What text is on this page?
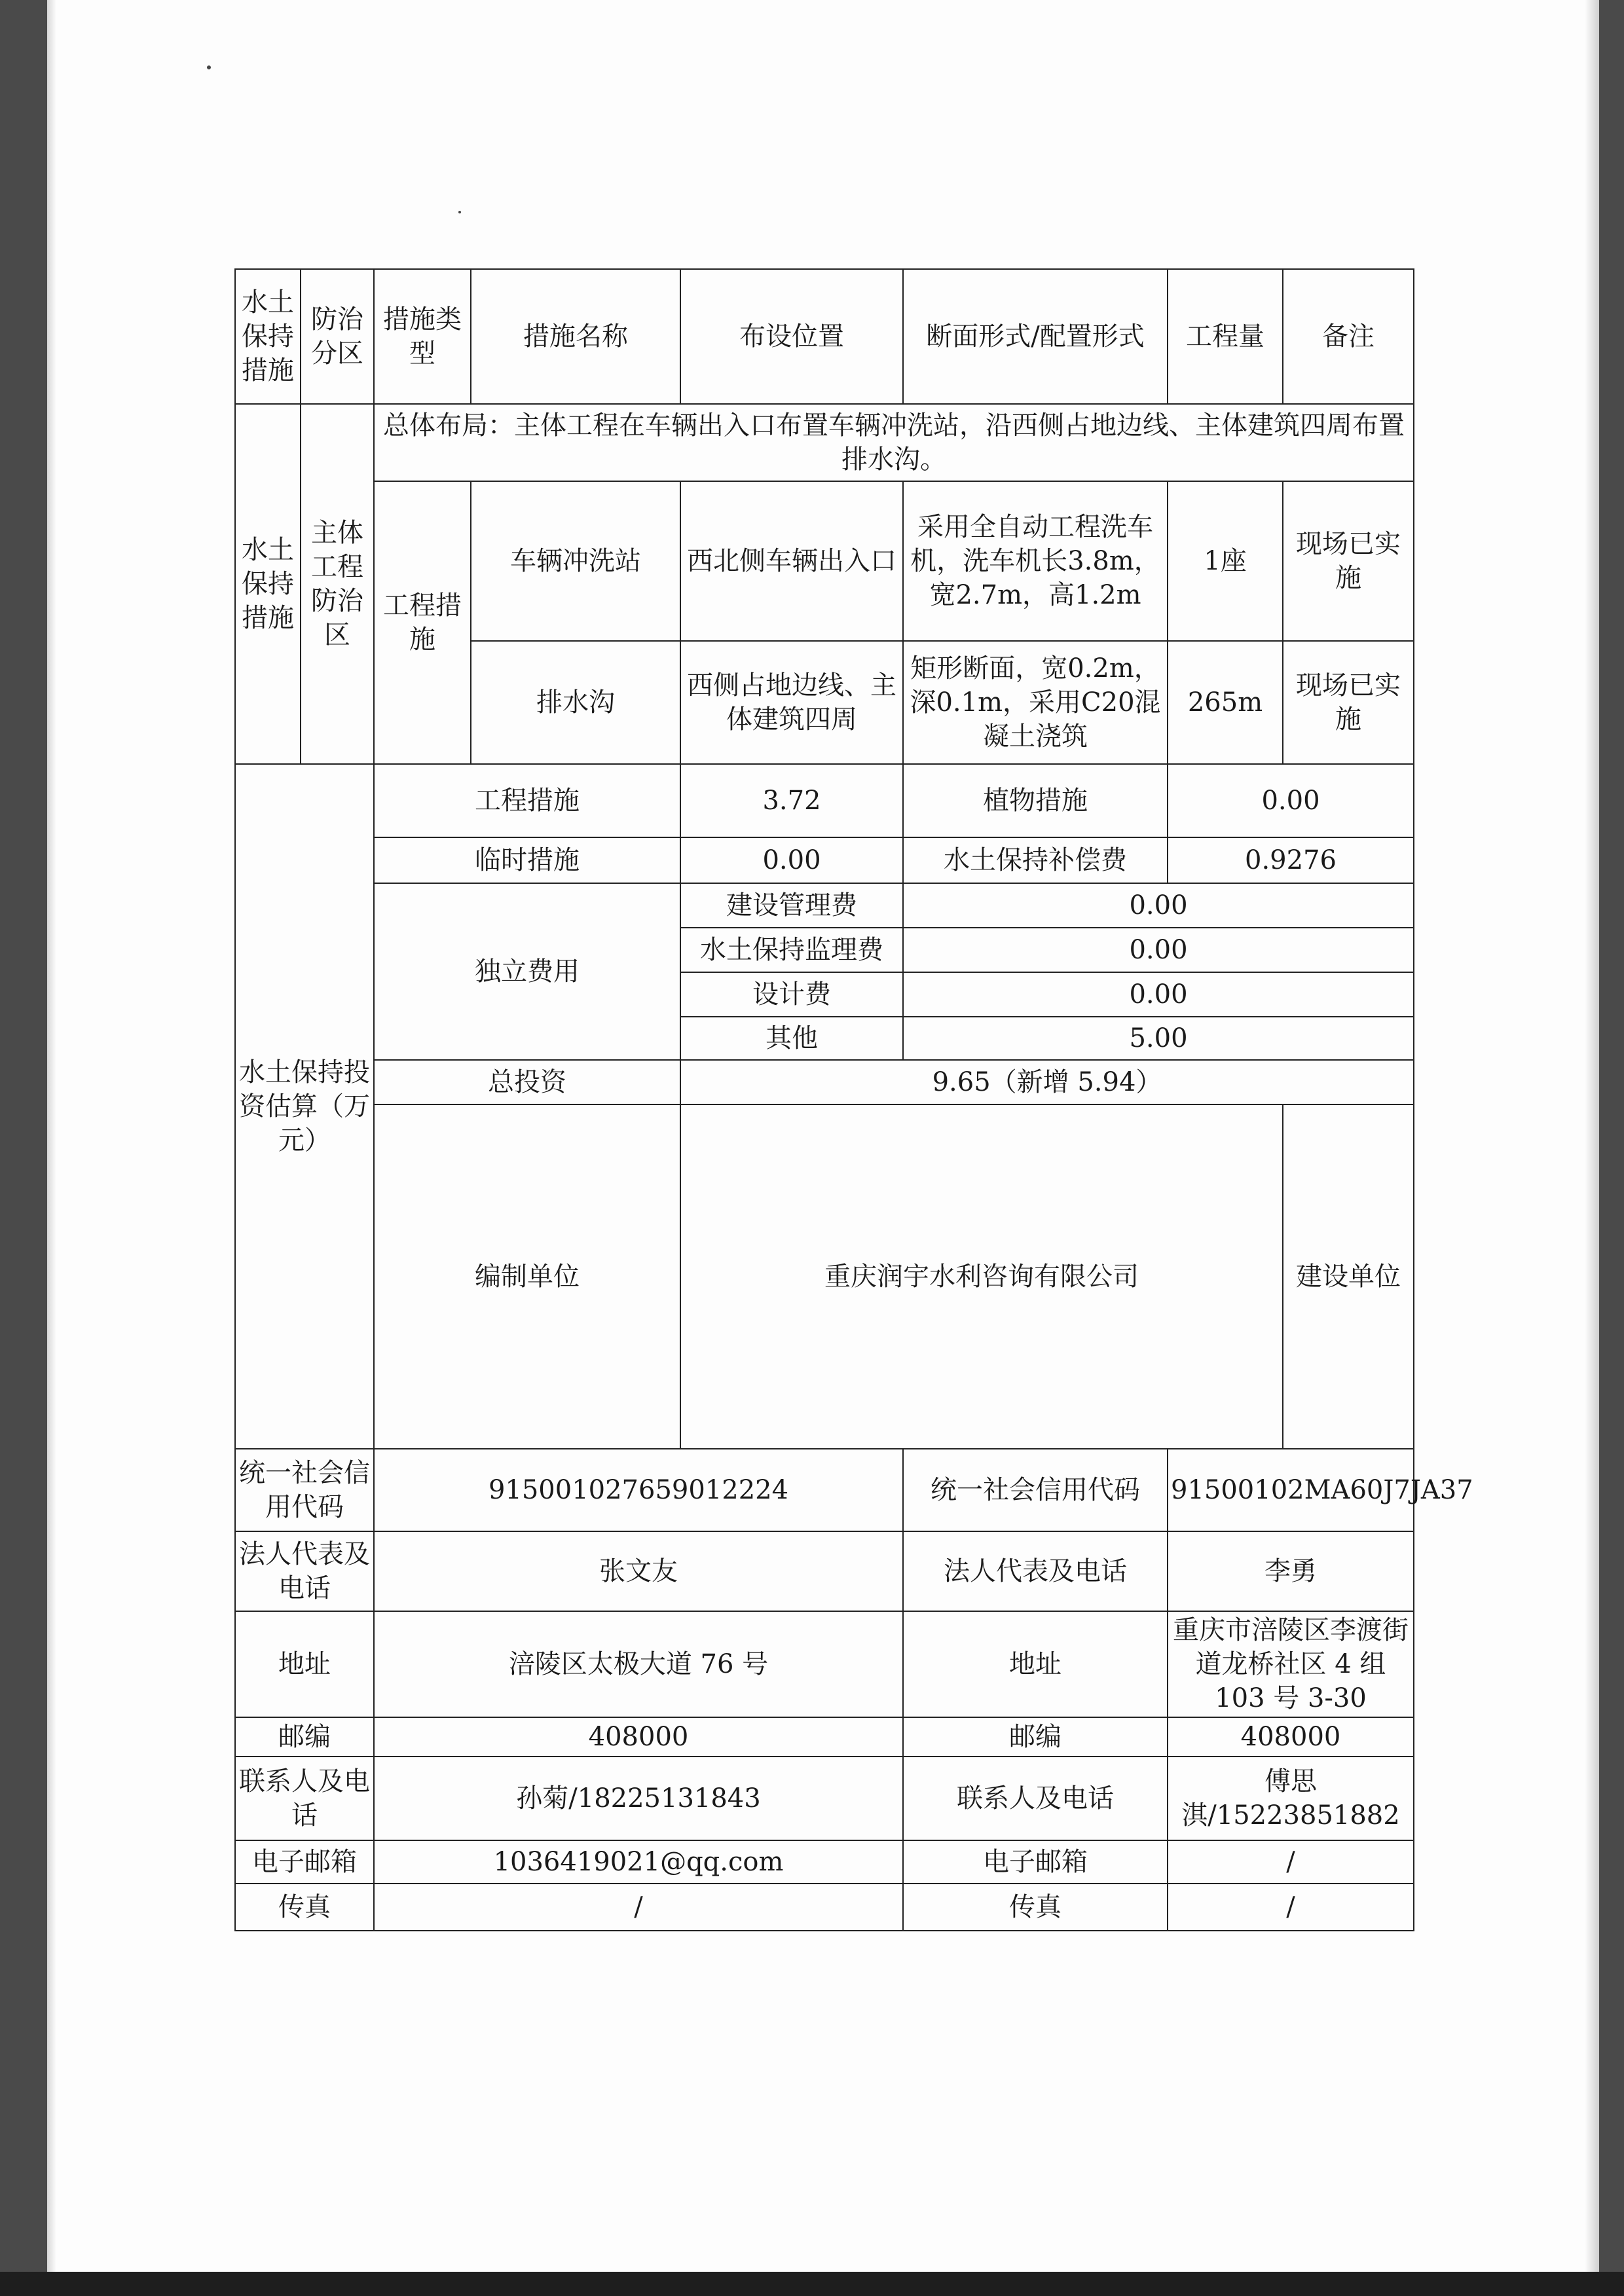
水土保持措施	防治分区	措施类型	措施名称	布设位置	断面形式/配置形式	工程量	备注	
水土保持措施	主体工程防治区	总体布局：主体工程在车辆出入口布置车辆冲洗站，沿西侧占地边线、主体建筑四周布置排水沟。						
		工程措施	车辆冲洗站	西北侧车辆出入口	采用全自动工程洗车机，洗车机长3.8m，宽2.7m，高1.2m	1座	现场已实施	
			排水沟	西侧占地边线、主体建筑四周	矩形断面，宽0.2m，深0.1m，采用C20混凝土浇筑	265m	现场已实施	
水土保持投资估算（万元）		工程措施		3.72	植物措施	0.00		
		临时措施		0.00	水土保持补偿费	0.9276		
		独立费用		建设管理费	0.00			
				水土保持监理费	0.00			
				设计费	0.00			
				其他	5.00			
		总投资		9.65（新增 5.94）				
		编制单位		重庆润宇水利咨询有限公司			建设单位	
统一社会信用代码		915001027659012224			统一社会信用代码	91500102MA60J7JA37		
法人代表及电话		张文友			法人代表及电话	李勇		
地址		涪陵区太极大道 76 号			地址	重庆市涪陵区李渡街道龙桥社区 4 组 103 号 3-30		
邮编		408000			邮编	408000		
联系人及电话		孙菊/18225131843			联系人及电话	傅思淇/15223851882		
电子邮箱		1036419021@qq.com			电子邮箱	/		
传真		/			传真	/		
